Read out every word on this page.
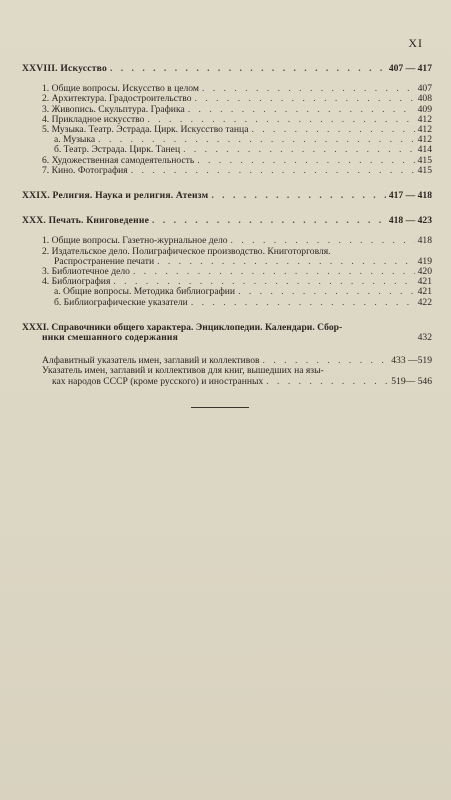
XI
XXVIII. Искусство . . .	407 — 417
1. Общие вопросы. Искусство в целом . . .	407
2. Архитектура. Градостроительство . . .	408
3. Живопись. Скульптура. Графика . . .	409
4. Прикладное искусство . . .	412
5. Музыка. Театр. Эстрада. Цирк. Искусство танца . . .	412
а. Музыка . . .	412
б. Театр. Эстрада. Цирк. Танец . . .	414
6. Художественная самодеятельность . . .	415
7. Кино. Фотография . . .	415
XXIX. Религия. Наука и религия. Атеизм . . .	417 — 418
XXX. Печать. Книговедение . . .	418 — 423
1. Общие вопросы. Газетно-журнальное дело . . .	418
2. Издательское дело. Полиграфическое производство. Книготорговля.
Распространение печати . . .	419
3. Библиотечное дело . . .	420
4. Библиография . . .	421
а. Общие вопросы. Методика библиографии . . .	421
б. Библиографические указатели . . .	422
XXXI. Справочники общего характера. Энциклопедии. Календари. Сбор-
ники смешанного содержания	432
Алфавитный указатель имен, заглавий и коллективов . . .	433 —519
Указатель имен, заглавий и коллективов для книг, вышедших на язы-
ках народов СССР (кроме русского) и иностранных . . .	519— 546
